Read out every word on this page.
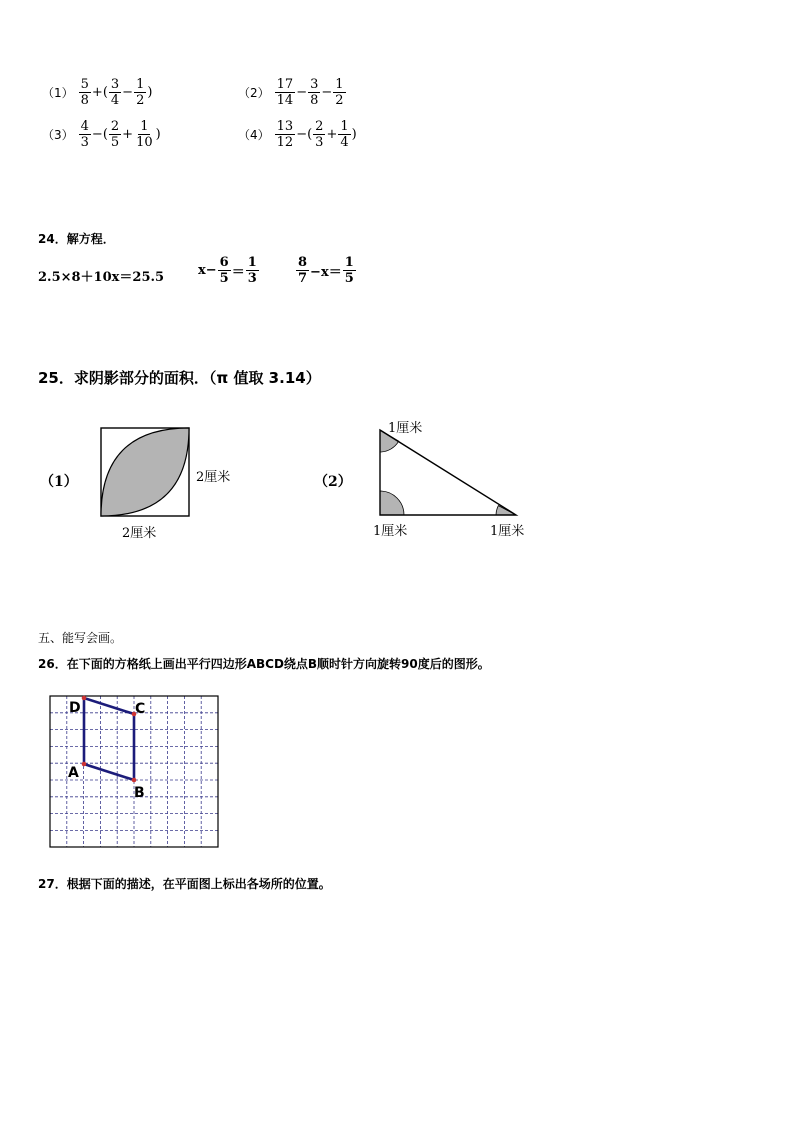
$(1) \frac{5}{8}$ +( $\frac{3}{4} - \frac{1}{2}$ )	$(2) \frac{17}{14} - \frac{3}{8} - \frac{1}{2}$
$(3) \frac{4}{3}$ −( $\frac{2}{5} + \frac{1}{10}$ )	$(4) \frac{13}{12}$ −( $\frac{2}{3} + \frac{1}{4}$ )
24．解方程．
2.5×8＋10x＝25.5	$x- \frac{6}{5} = \frac{1}{3}$	$\frac{8}{7} -x= \frac{1}{5}$
25．求阴影部分的面积．（π 值取 3.14）
（1）	2厘米
2厘米
（2）
1厘米
1厘米	1厘米
五、能写会画。
26．在下面的方格纸上画出平行四边形ABCD绕点B顺时针方向旋转90度后的图形。
D	C
A
B
27．根据下面的描述，在平面图上标出各场所的位置。
